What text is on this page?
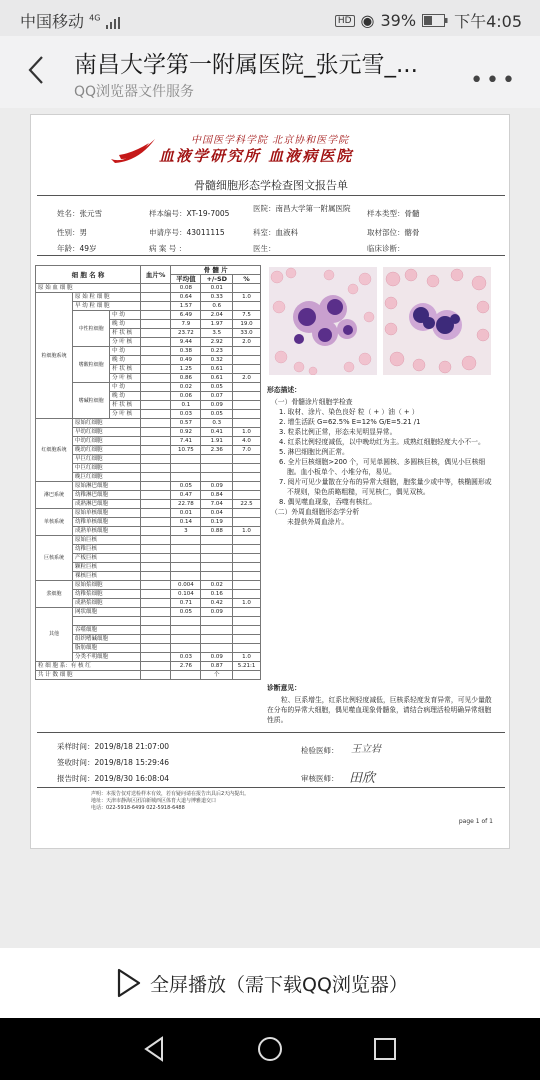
中国移动 $^{4G}$	HD ◉ 39% 下午4:05
南昌大学第一附属医院_张元雪_...
QQ浏览器文件服务	•••
中国医学科学院 北京协和医学院
血液学研究所 血液病医院
骨髓细胞形态学检查图文报告单
姓名：张元雪	样本编号：XT-19-7005
医院：南昌大学第一附属医院
样本类型：骨髓
性别：男	申请序号：43011115	科室：血液科	取材部位：髂骨
年龄：49岁	病 案 号 ：	医生：	临床诊断：
细 胞 名 称			血片%	骨 髓 片		
				平均值	+/-SD	%
原 始 血 细 胞				0.08	0.01	
粒细胞系统	原 始 粒 细 胞			0.64	0.33	1.0
	早 幼 粒 细 胞			1.57	0.6	
	中性粒细胞	中 幼		6.49	2.04	7.5
		晚 幼		7.9	1.97	19.0
		杆 状 核		23.72	3.5	33.0
		分 叶 核		9.44	2.92	2.0
	嗜酸粒细胞	中 幼		0.38	0.23	
		晚 幼		0.49	0.32	
		杆 状 核		1.25	0.61	
		分 叶 核		0.86	0.61	2.0
	嗜碱粒细胞	中 幼		0.02	0.05	
		晚 幼		0.06	0.07	
		杆 状 核		0.1	0.09	
		分 叶 核		0.03	0.05	
红细胞系统	原始红细胞			0.57	0.3	
	早幼红细胞			0.92	0.41	1.0
	中幼红细胞			7.41	1.91	4.0
	晚幼红细胞			10.75	2.36	7.0
	早巨红细胞					
	中巨红细胞					
	晚巨红细胞					
淋巴系统	原始淋巴细胞			0.05	0.09	
	幼稚淋巴细胞			0.47	0.84	
	成熟淋巴细胞			22.78	7.04	22.5
单核系统	原始单核细胞			0.01	0.04	
	幼稚单核细胞			0.14	0.19	
	成熟单核细胞			3	0.88	1.0
巨核系统	原始巨核					
	幼稚巨核					
	产板巨核					
	颗粒巨核					
	裸核巨核					
浆细胞	原始浆细胞			0.004	0.02	
	幼稚浆细胞			0.104	0.16	
	成熟浆细胞			0.71	0.42	1.0
其他	网状细胞			0.05	0.09	

	吞噬细胞					
	组织嗜碱细胞					
	脂肪细胞					
	分类不明细胞			0.03	0.09	1.0
粒 细 胞 系：有 核 红				2.76	0.87	5.21:1
共 计 数 细 胞					个	
形态描述：

（一）骨髓涂片细胞学检查

1. 取材、涂片、染色良好 粒（ + ）油（ + ）

2. 增生活跃 G=62.5% E=12% G/E=5.21 /1

3. 粒系比例正常，形态未见明显异常。

4. 红系比例轻度减低，以中晚幼红为主。成熟红细胞轻度大小不一。

5. 淋巴细胞比例正常。

6. 全片巨核细胞>200 个，可见单圆核、多圆核巨核，偶见小巨核细胞。血小板单个、小堆分布，易见。

7. 阅片可见少量散在分布的异常大细胞，胞浆量少或中等，核椭圆形或不规则，染色质略粗糙，可见核仁，偶见双核。

8. 偶见噬血现象，吞噬有核红。

（二）外周血细胞形态学分析

未提供外周血涂片。

诊断意见：
粒、巨系增生，红系比例轻度减低，巨核系轻度发育异常，可见少量散在分布的异常大细胞，偶见噬血现象骨髓象，请结合病理活检明确异常细胞性质。
采样时间：2019/8/18 21:07:00
签收时间：2019/8/18 15:29:46
报告时间：2019/8/30 16:08:04
检验医师： 王立岩
审核医师： 田欣
声明：本报告仅对送检样本有效，若有疑问请在报告出具后2天内提出。
地址：天津市静海区团泊新城西区体育大道与博雅道交口
电话：022-5918-6499 022-5918-6488
page 1 of 1
全屏播放（需下载QQ浏览器）
